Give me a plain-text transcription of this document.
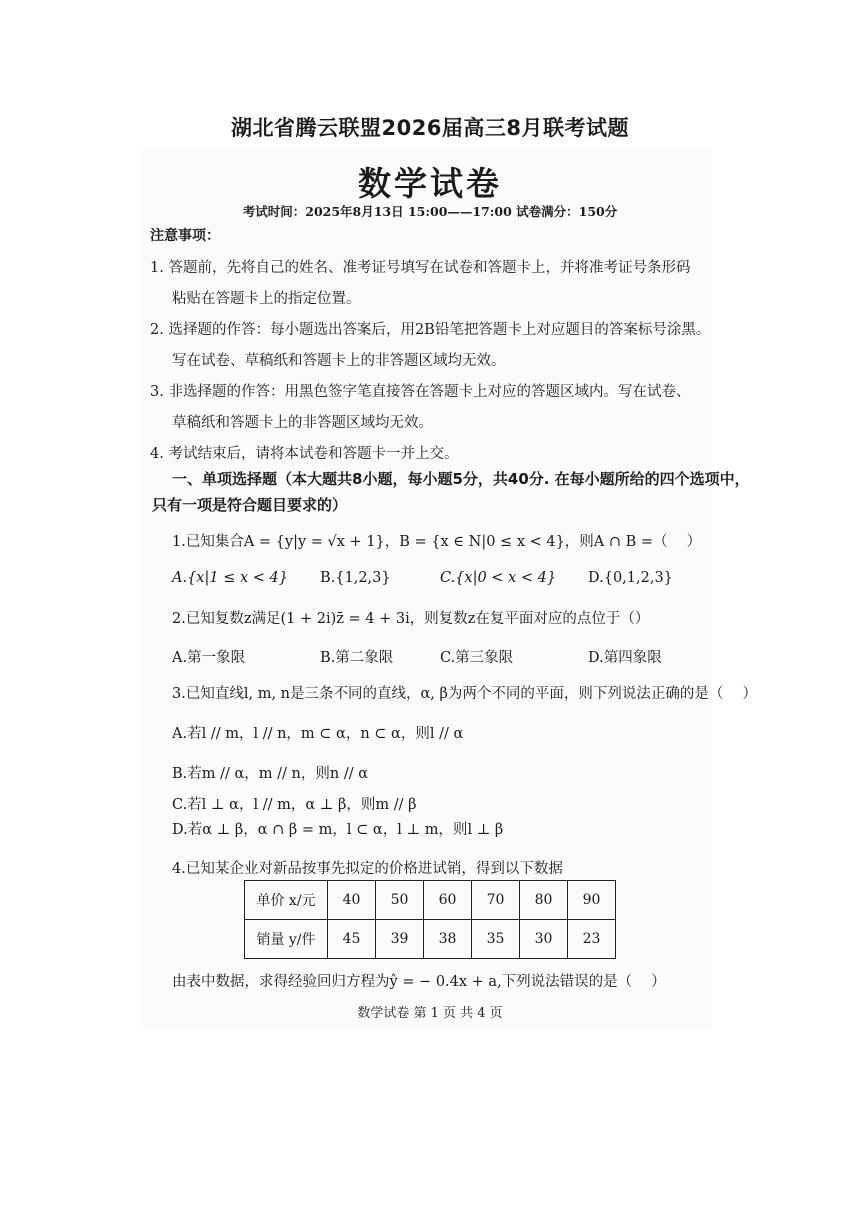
湖北省腾云联盟2026届高三8月联考试题
数学试卷
考试时间：2025年8月13日 15:00——17:00 试卷满分：150分
注意事项：
1. 答题前，先将自己的姓名、准考证号填写在试卷和答题卡上，并将准考证号条形码
粘贴在答题卡上的指定位置。
2. 选择题的作答：每小题选出答案后，用2B铅笔把答题卡上对应题目的答案标号涂黑。
写在试卷、草稿纸和答题卡上的非答题区域均无效。
3. 非选择题的作答：用黑色签字笔直接答在答题卡上对应的答题区域内。写在试卷、
草稿纸和答题卡上的非答题区域均无效。
4. 考试结束后，请将本试卷和答题卡一并上交。
一、单项选择题（本大题共8小题，每小题5分，共40分. 在每小题所给的四个选项中，
只有一项是符合题目要求的）
1.已知集合A = {y|y = √x + 1}，B = {x ∈ N|0 ≤ x < 4}，则A ∩ B =（　 ）
A.{x|1 ≤ x < 4} B.{1,2,3}	C.{x|0 < x < 4} D.{0,1,2,3}
2.已知复数z满足(1 + 2i)z̄ = 4 + 3i，则复数z在复平面对应的点位于（）
A.第一象限	B.第二象限	C.第三象限	D.第四象限
3.已知直线l, m, n是三条不同的直线，α, β为两个不同的平面，则下列说法正确的是（　 ）
A.若l // m，l // n，m ⊂ α，n ⊂ α，则l // α
B.若m // α，m // n，则n // α
C.若l ⊥ α，l // m，α ⊥ β，则m // β
D.若α ⊥ β，α ∩ β = m，l ⊂ α，l ⊥ m，则l ⊥ β
4.已知某企业对新品按事先拟定的价格进试销，得到以下数据
单价 x/元	40	50	60	70	80	90
销量 y/件	45	39	38	35	30	23
由表中数据，求得经验回归方程为ŷ = − 0.4x + a,下列说法错误的是（　 ）
数学试卷 第 1 页 共 4 页
